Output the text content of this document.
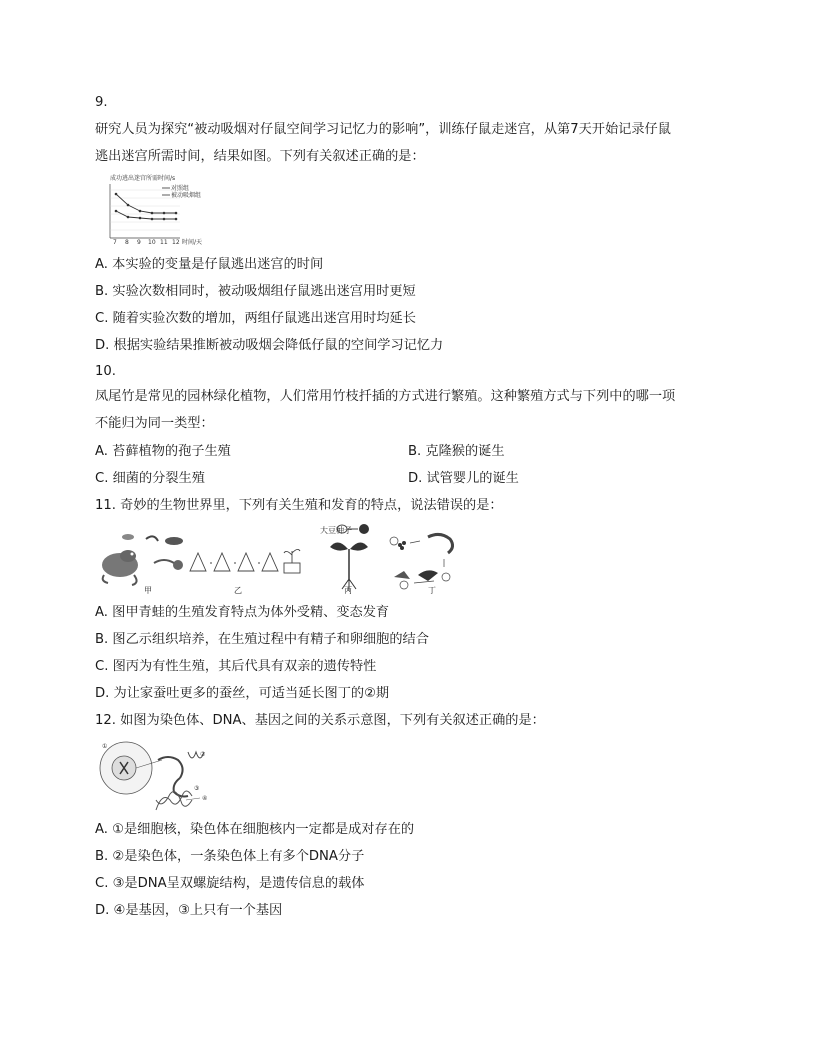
9.
研究人员为探究“被动吸烟对仔鼠空间学习记忆力的影响”，训练仔鼠走迷宫，从第7天开始记录仔鼠
逃出迷宫所需时间，结果如图。下列有关叙述正确的是：
成功逃出迷宫所需时间/s
对照组
被动吸烟组
7 8 9 10 11 12 时间/天
A. 本实验的变量是仔鼠逃出迷宫的时间
B. 实验次数相同时，被动吸烟组仔鼠逃出迷宫用时更短
C. 随着实验次数的增加，两组仔鼠逃出迷宫用时均延长
D. 根据实验结果推断被动吸烟会降低仔鼠的空间学习记忆力
10.
凤尾竹是常见的园林绿化植物，人们常用竹枝扦插的方式进行繁殖。这种繁殖方式与下列中的哪一项
不能归为同一类型：
A. 苔藓植物的孢子生殖	B. 克隆猴的诞生
C. 细菌的分裂生殖	D. 试管婴儿的诞生
11. 奇妙的生物世界里，下列有关生殖和发育的特点，说法错误的是：
甲	乙
大豆种子
丙	丁
A. 图甲青蛙的生殖发育特点为体外受精、变态发育
B. 图乙示组织培养，在生殖过程中有精子和卵细胞的结合
C. 图丙为有性生殖，其后代具有双亲的遗传特性
D. 为让家蚕吐更多的蚕丝，可适当延长图丁的②期
12. 如图为染色体、DNA、基因之间的关系示意图，下列有关叙述正确的是：
①
②
③
④
A. ①是细胞核，染色体在细胞核内一定都是成对存在的
B. ②是染色体，一条染色体上有多个DNA分子
C. ③是DNA呈双螺旋结构，是遗传信息的载体
D. ④是基因，③上只有一个基因
